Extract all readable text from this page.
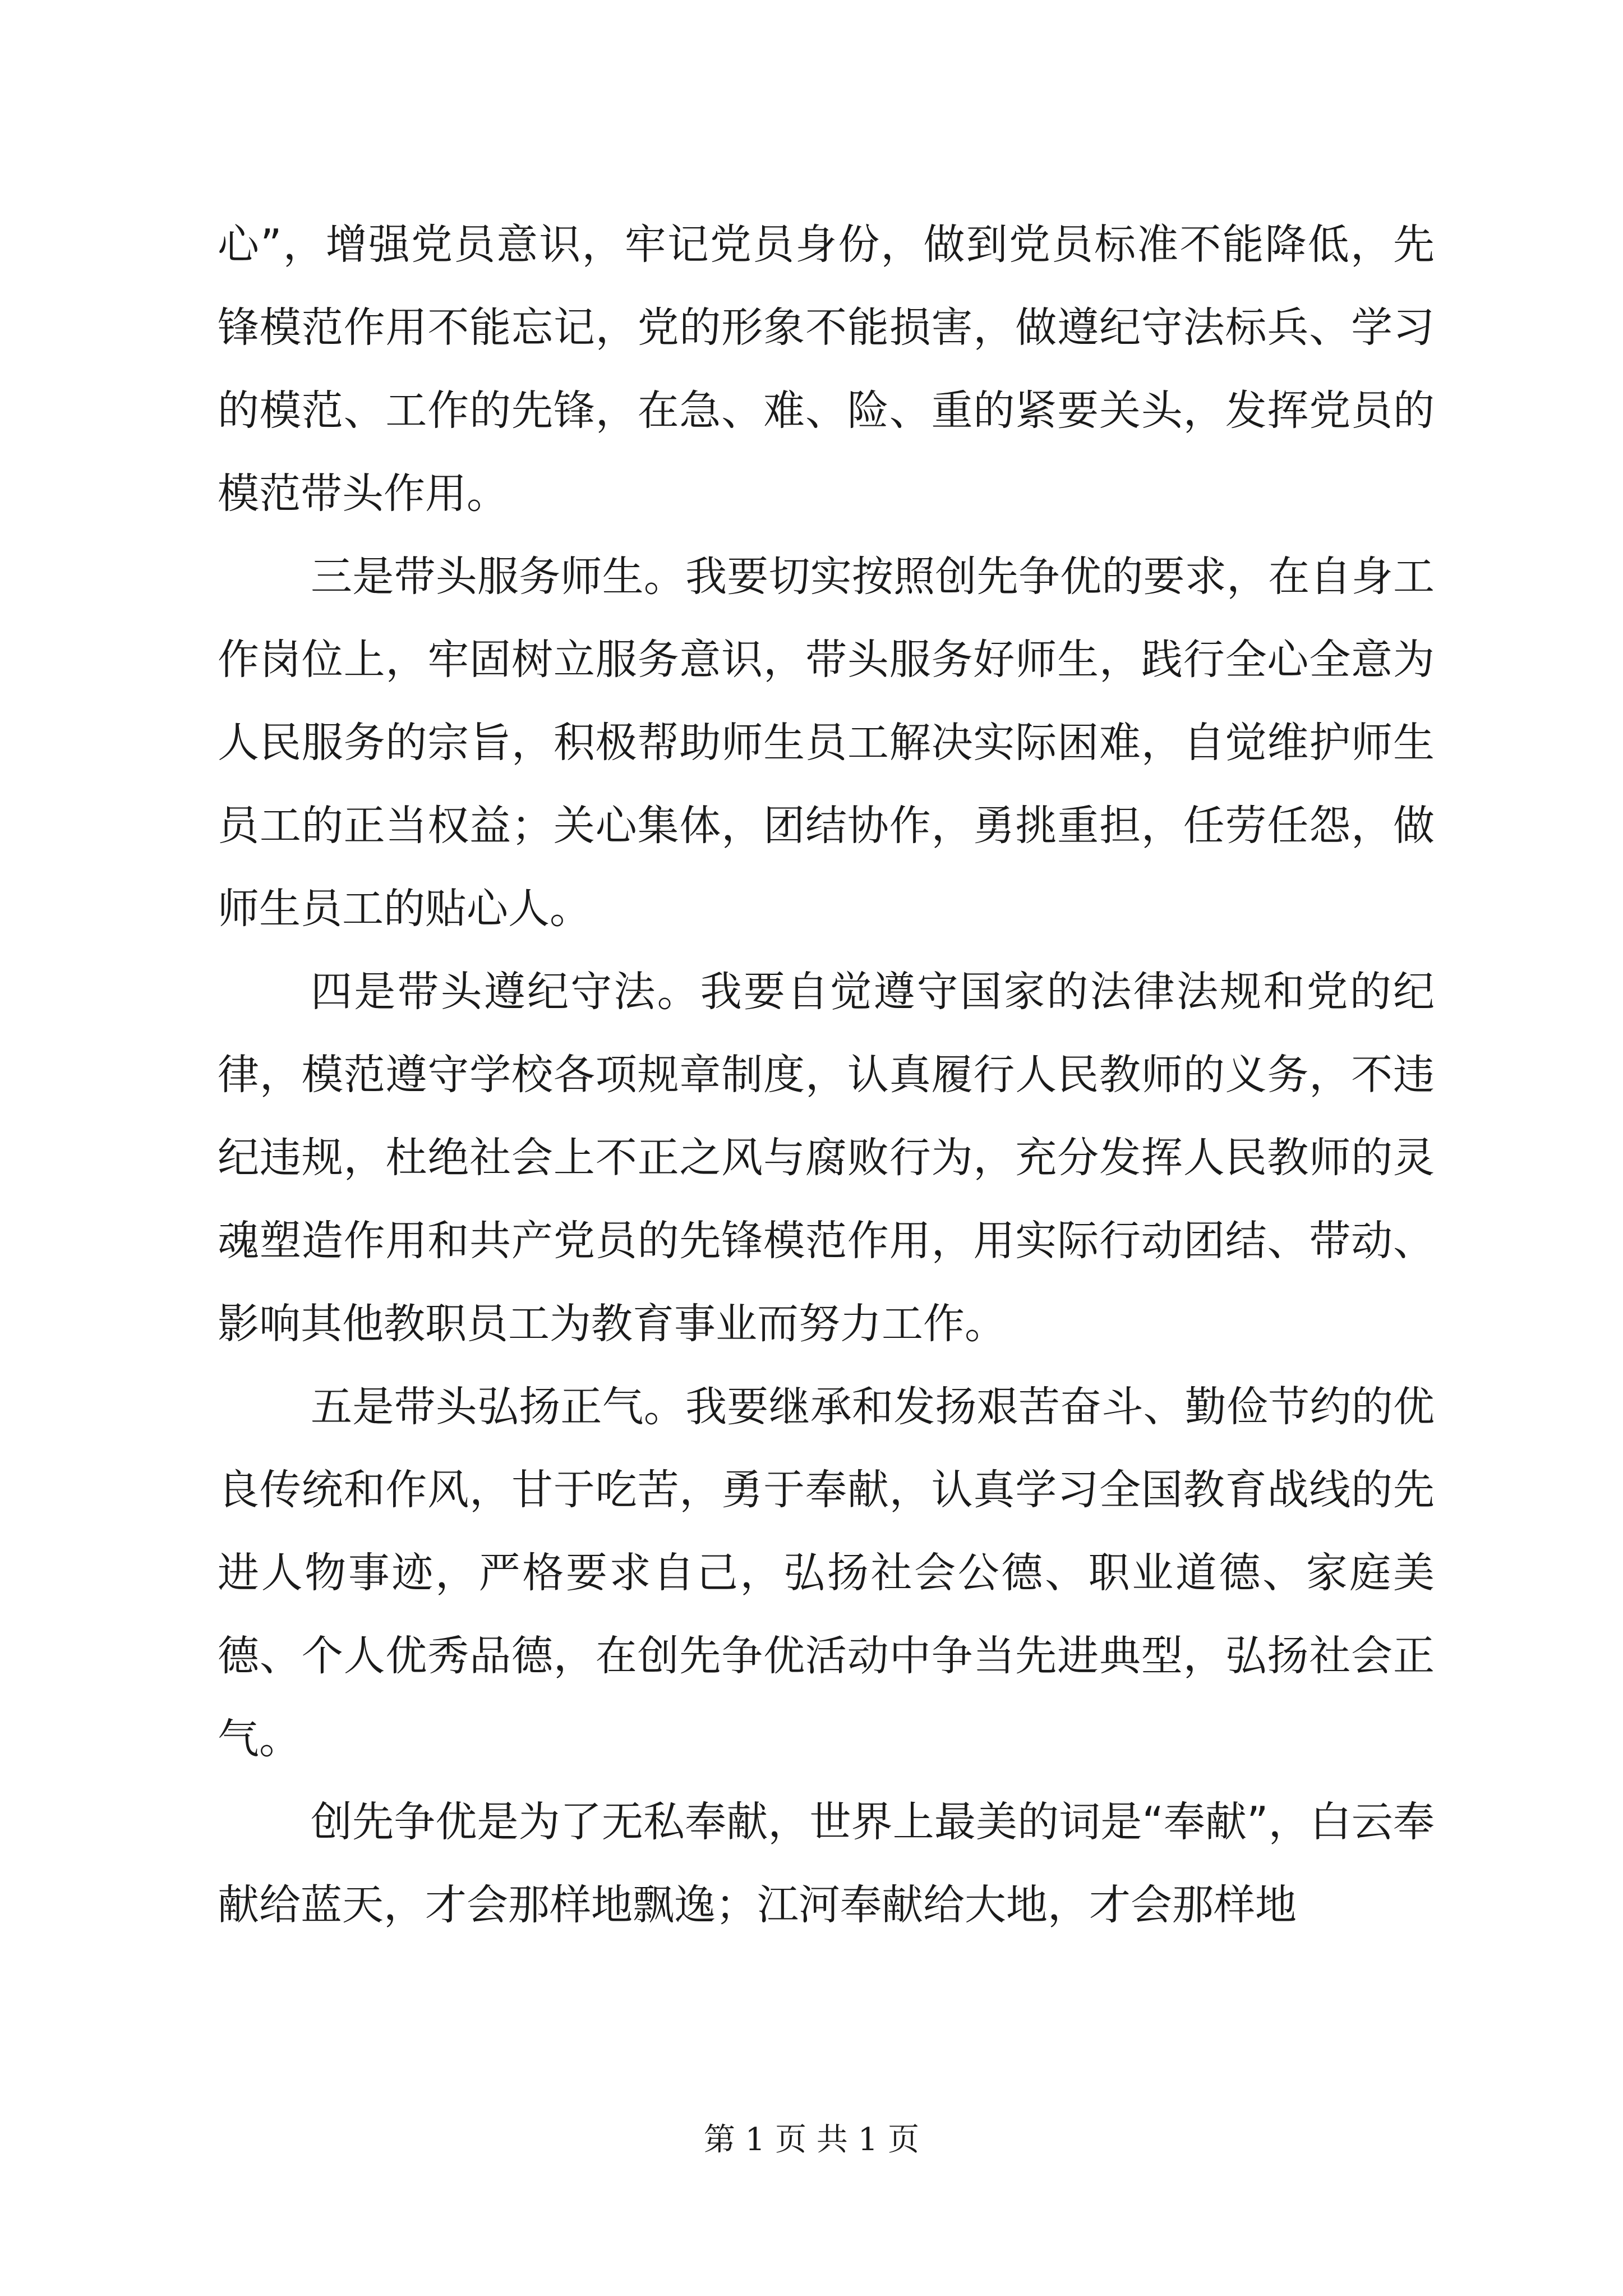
心”，增强党员意识，牢记党员身份，做到党员标准不能降低，先锋模范作用不能忘记，党的形象不能损害，做遵纪守法标兵、学习的模范、工作的先锋，在急、难、险、重的紧要关头，发挥党员的模范带头作用。

三是带头服务师生。我要切实按照创先争优的要求，在自身工作岗位上，牢固树立服务意识，带头服务好师生，践行全心全意为人民服务的宗旨，积极帮助师生员工解决实际困难，自觉维护师生员工的正当权益；关心集体，团结协作，勇挑重担，任劳任怨，做师生员工的贴心人。

四是带头遵纪守法。我要自觉遵守国家的法律法规和党的纪律，模范遵守学校各项规章制度，认真履行人民教师的义务，不违纪违规，杜绝社会上不正之风与腐败行为，充分发挥人民教师的灵魂塑造作用和共产党员的先锋模范作用，用实际行动团结、带动、影响其他教职员工为教育事业而努力工作。

五是带头弘扬正气。我要继承和发扬艰苦奋斗、勤俭节约的优良传统和作风，甘于吃苦，勇于奉献，认真学习全国教育战线的先进人物事迹，严格要求自己，弘扬社会公德、职业道德、家庭美德、个人优秀品德，在创先争优活动中争当先进典型，弘扬社会正气。

创先争优是为了无私奉献，世界上最美的词是“奉献”，白云奉献给蓝天，才会那样地飘逸；江河奉献给大地，才会那样地

第 1 页 共 1 页
